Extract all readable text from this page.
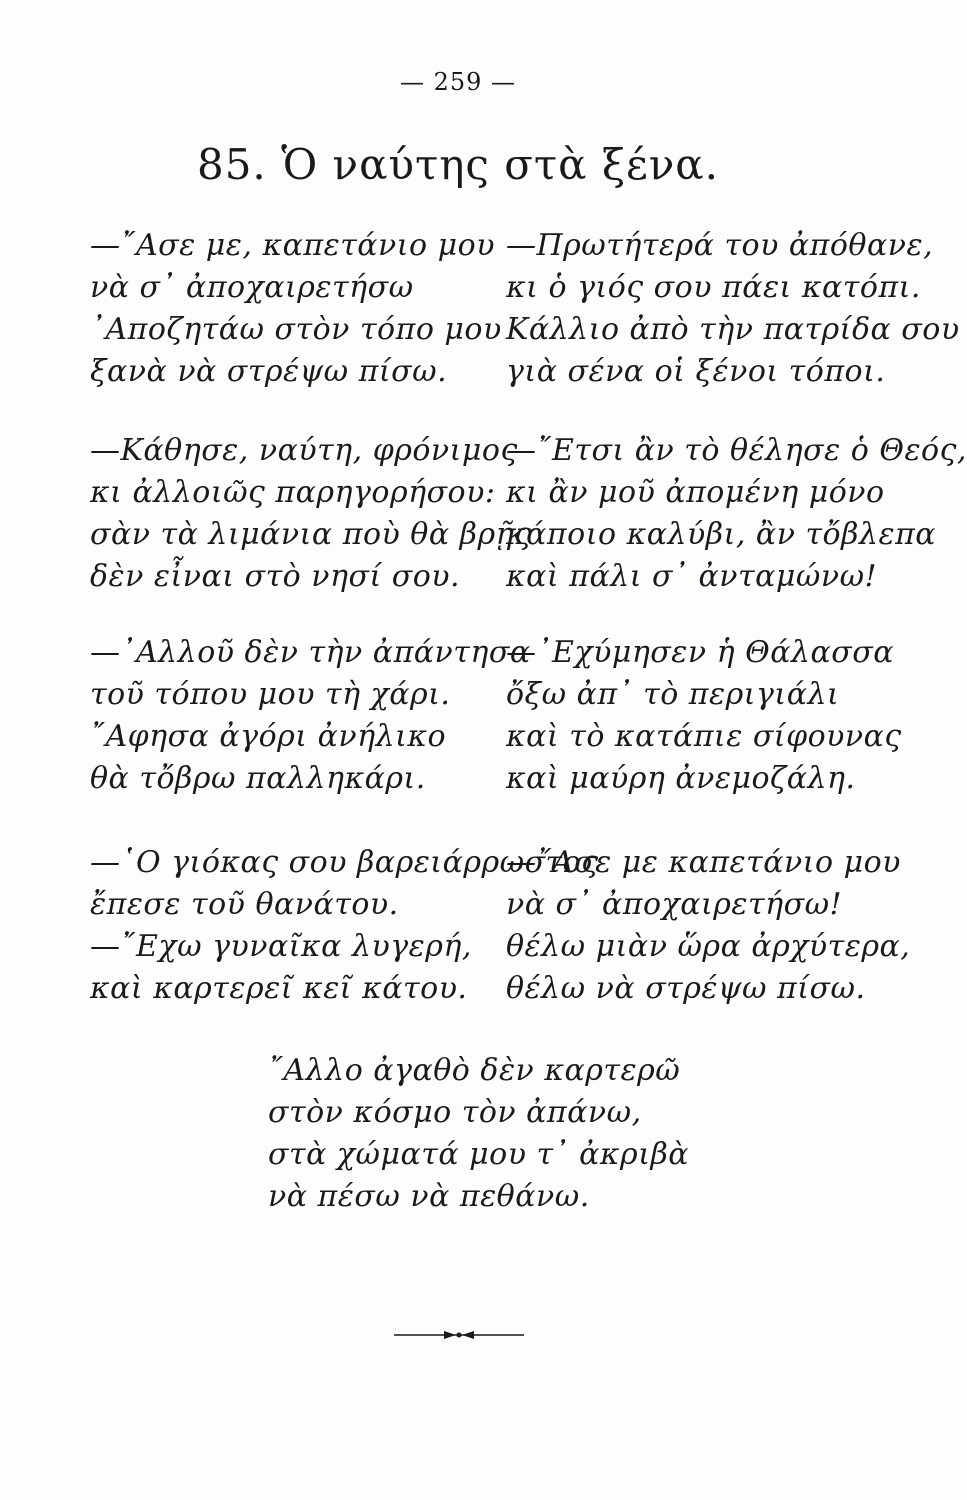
— 259 —
85. Ὁ ναύτης στὰ ξένα.
—῎Ασε με, καπετάνιο μου
νὰ σ᾿ ἀποχαιρετήσω
᾿Αποζητάω στὸν τόπο μου
ξανὰ νὰ στρέψω πίσω.
—Κάθησε, ναύτη, φρόνιμος
κι ἀλλοιῶς παρηγορήσου:
σὰν τὰ λιμάνια ποὺ θὰ βρῇς
δὲν εἶναι στὸ νησί σου.
—᾿Αλλοῦ δὲν τὴν ἀπάντησα
τοῦ τόπου μου τὴ χάρι.
῎Αφησα ἀγόρι ἀνήλικο
θὰ τὄβρω παλληκάρι.
—῾Ο γιόκας σου βαρειάρρωστος
ἔπεσε τοῦ θανάτου.
—῎Εχω γυναῖκα λυγερή,
καὶ καρτερεῖ κεῖ κάτου.
—Πρωτήτερά του ἀπόθανε,
κι ὁ γιός σου πάει κατόπι.
Κάλλιο ἀπὸ τὴν πατρίδα σου
γιὰ σένα οἱ ξένοι τόποι.
—῎Ετσι ἂν τὸ θέλησε ὁ Θεός,
κι ἂν μοῦ ἀπομένη μόνο
κάποιο καλύβι, ἂν τὄβλεπα
καὶ πάλι σ᾿ ἀνταμώνω!
—᾿Εχύμησεν ἡ Θάλασσα
ὄξω ἀπ᾿ τὸ περιγιάλι
καὶ τὸ κατάπιε σίφουνας
καὶ μαύρη ἀνεμοζάλη.
—῎Ασε με καπετάνιο μου
νὰ σ᾿ ἀποχαιρετήσω!
θέλω μιὰν ὥρα ἀρχύτερα,
θέλω νὰ στρέψω πίσω.
῎Αλλο ἀγαθὸ δὲν καρτερῶ
στὸν κόσμο τὸν ἀπάνω,
στὰ χώματά μου τ᾿ ἀκριβὰ
νὰ πέσω νὰ πεθάνω.
